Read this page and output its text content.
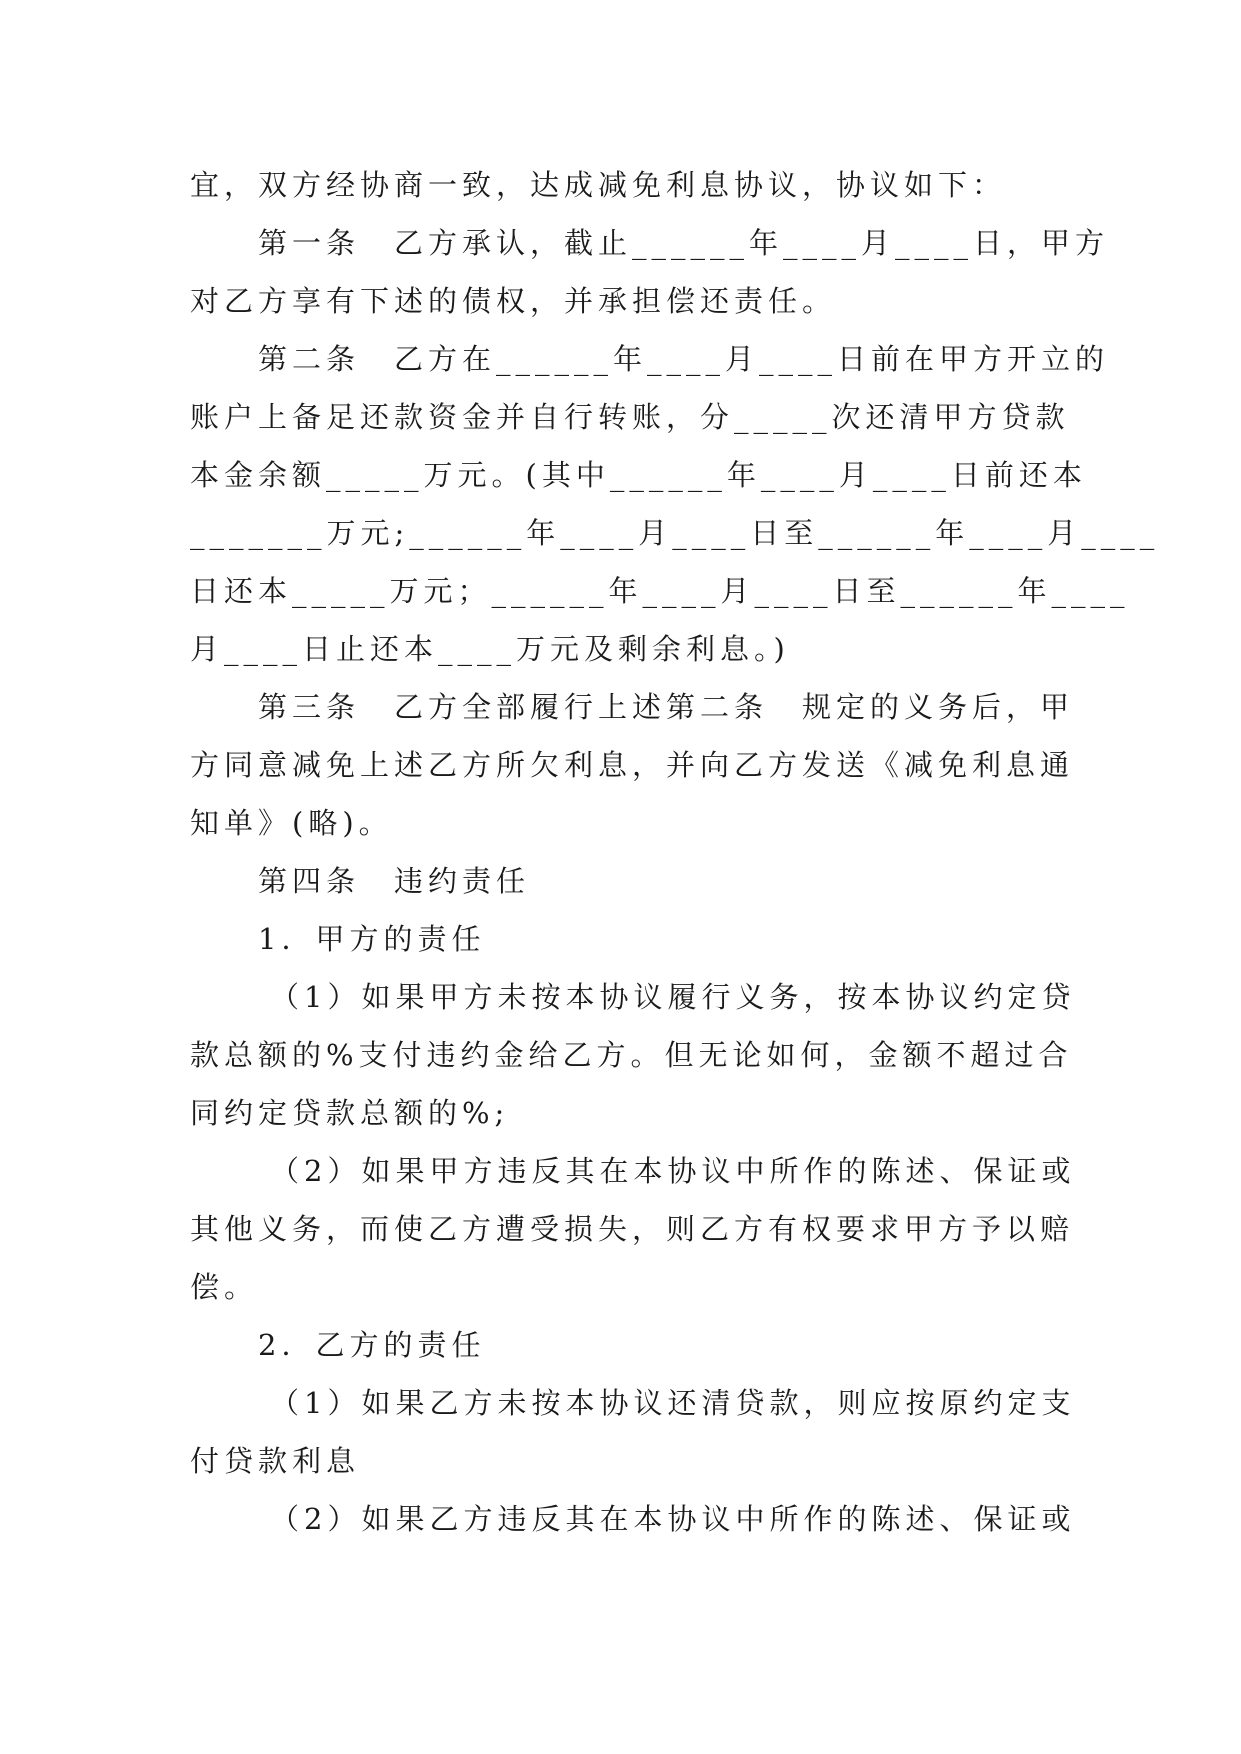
宜，双方经协商一致，达成减免利息协议，协议如下：
第一条　乙方承认，截止______年____月____日，甲方
对乙方享有下述的债权，并承担偿还责任。
第二条　乙方在______年____月____日前在甲方开立的
账户上备足还款资金并自行转账，分_____次还清甲方贷款
本金余额_____万元。(其中______年____月____日前还本
_______万元;______年____月____日至______年____月____
日还本_____万元；______年____月____日至______年____
月____日止还本____万元及剩余利息。)
第三条　乙方全部履行上述第二条　规定的义务后，甲
方同意减免上述乙方所欠利息，并向乙方发送《减免利息通
知单》(略)。
第四条　违约责任
1．甲方的责任
（1）如果甲方未按本协议履行义务，按本协议约定贷
款总额的%支付违约金给乙方。但无论如何，金额不超过合
同约定贷款总额的%;
（2）如果甲方违反其在本协议中所作的陈述、保证或
其他义务，而使乙方遭受损失，则乙方有权要求甲方予以赔
偿。
2．乙方的责任
（1）如果乙方未按本协议还清贷款，则应按原约定支
付贷款利息
（2）如果乙方违反其在本协议中所作的陈述、保证或
